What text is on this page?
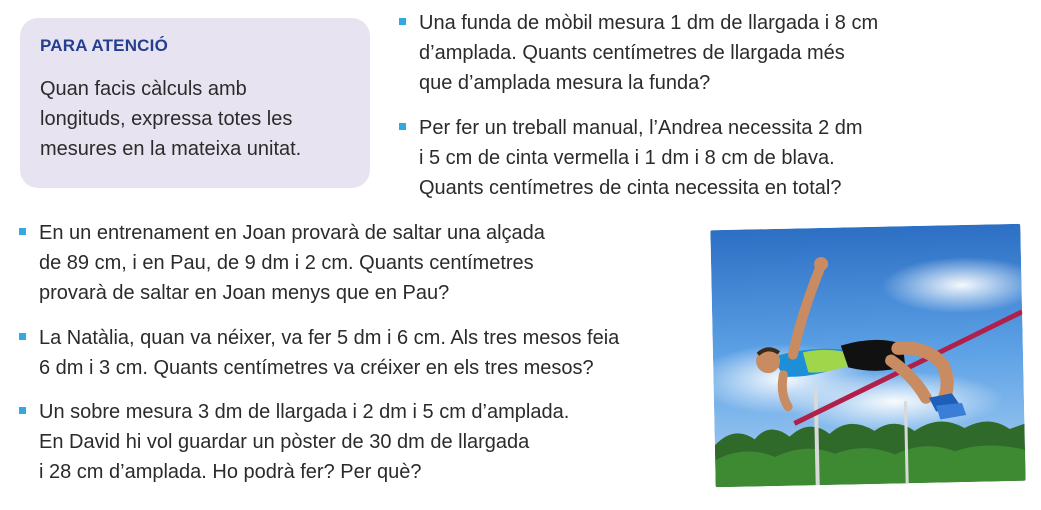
PARA ATENCIÓ
Quan facis càlculs amb
longituds, expressa totes les
mesures en la mateixa unitat.
Una funda de mòbil mesura 1 dm de llargada i 8 cm
d’amplada. Quants centímetres de llargada més
que d’amplada mesura la funda?
Per fer un treball manual, l’Andrea necessita 2 dm
i 5 cm de cinta vermella i 1 dm i 8 cm de blava.
Quants centímetres de cinta necessita en total?
En un entrenament en Joan provarà de saltar una alçada
de 89 cm, i en Pau, de 9 dm i 2 cm. Quants centímetres
provarà de saltar en Joan menys que en Pau?
La Natàlia, quan va néixer, va fer 5 dm i 6 cm. Als tres mesos feia
6 dm i 3 cm. Quants centímetres va créixer en els tres mesos?
Un sobre mesura 3 dm de llargada i 2 dm i 5 cm d’amplada.
En David hi vol guardar un pòster de 30 dm de llargada
i 28 cm d’amplada. Ho podrà fer? Per què?
